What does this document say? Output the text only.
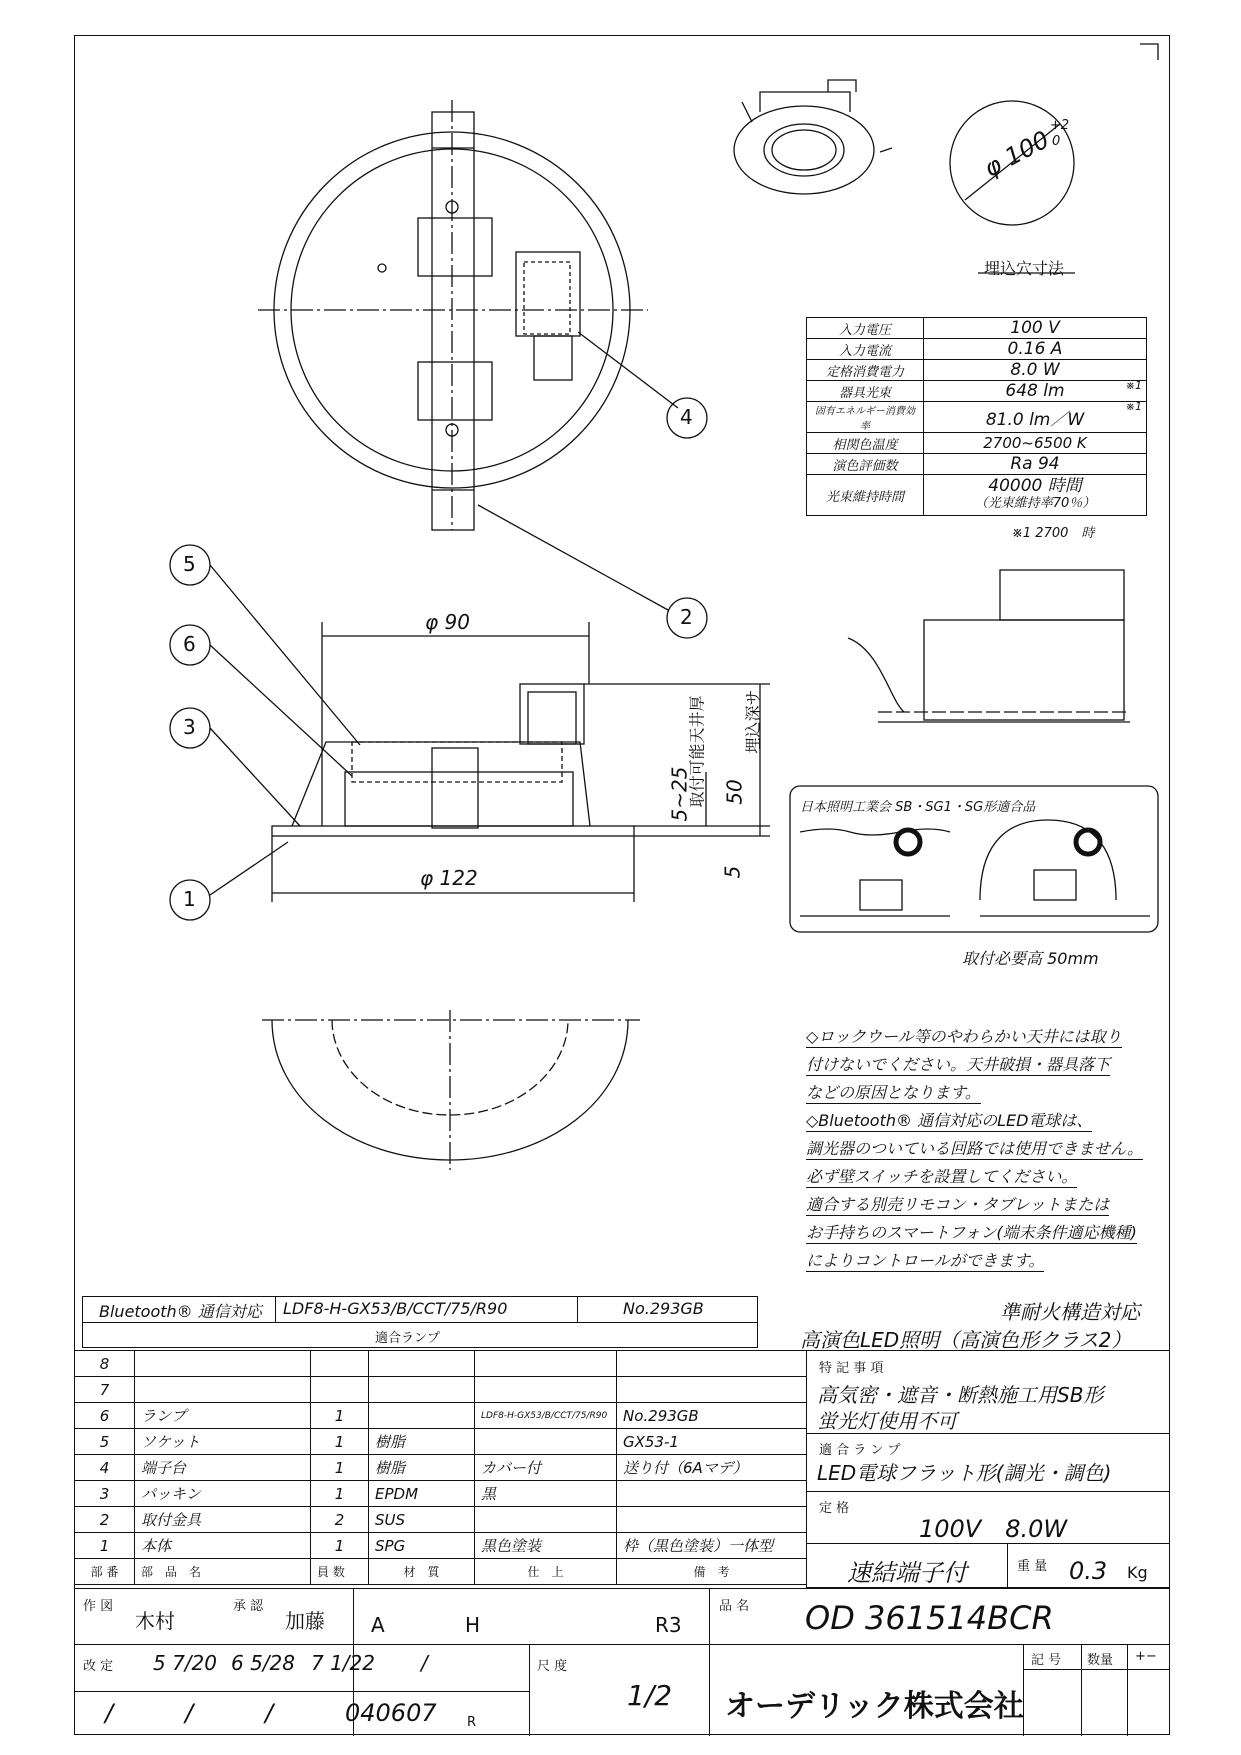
4
2
5
6
3
1
φ 100
+2
0
埋込穴寸法
φ 90
φ 122
50
埋込深サ
5~25
取付可能天井厚
5
入力電圧	100 V
入力電流	0.16 A
定格消費電力	8.0 W
器具光束	648 lm ※1

固有エネルギー消費効率	81.0 lm／W
※1

相関色温度	2700~6500 K
演色評価数	Ra 94
光束維持時間	40000 時間
（光束維持率70％）
※1 2700　時
日本照明工業会 SB・SG1・SG形適合品
取付必要高 50mm
◇ロックウール等のやわらかい天井には取り
付けないでください。天井破損・器具落下
などの原因となります。
◇Bluetooth® 通信対応のLED電球は、
調光器のついている回路では使用できません。
必ず壁スイッチを設置してください。
適合する別売リモコン・タブレットまたは
お手持ちのスマートフォン(端末条件適応機種)
によりコントロールができます。
Bluetooth® 通信対応 LDF8-H-GX53/B/CCT/75/R90	No.293GB
適合ランプ
準耐火構造対応
高演色LED照明（高演色形クラス2）
8					
7					
6	ランプ	1		LDF8-H-GX53/B/CCT/75/R90	No.293GB
5	ソケット	1	樹脂		GX53-1
4	端子台	1	樹脂	カバー付	送り付（6Aマデ）
3	パッキン	1	EPDM	黒	
2	取付金具	2	SUS		
1	本体	1	SPG	黒色塗装	枠（黒色塗装）一体型
部 番	部　品　名	員 数	材　質	仕　上	備　考
特 記 事 項
高気密・遮音・断熱施工用SB形
蛍光灯使用不可
適 合 ラ ン プ
LED電球フラット形(調光・調色)
定 格
100V　8.0W
速結端子付	重 量 0.3 Kg
作 図
木村
承 認
加藤 A	H	R3
品 名 OD 361514BCR
改 定 5 7/20 6 5/28 7 1/22 /
/	/	/	040607 R
尺 度
1/2 オーデリック株式会社
記 号 数量 +−
